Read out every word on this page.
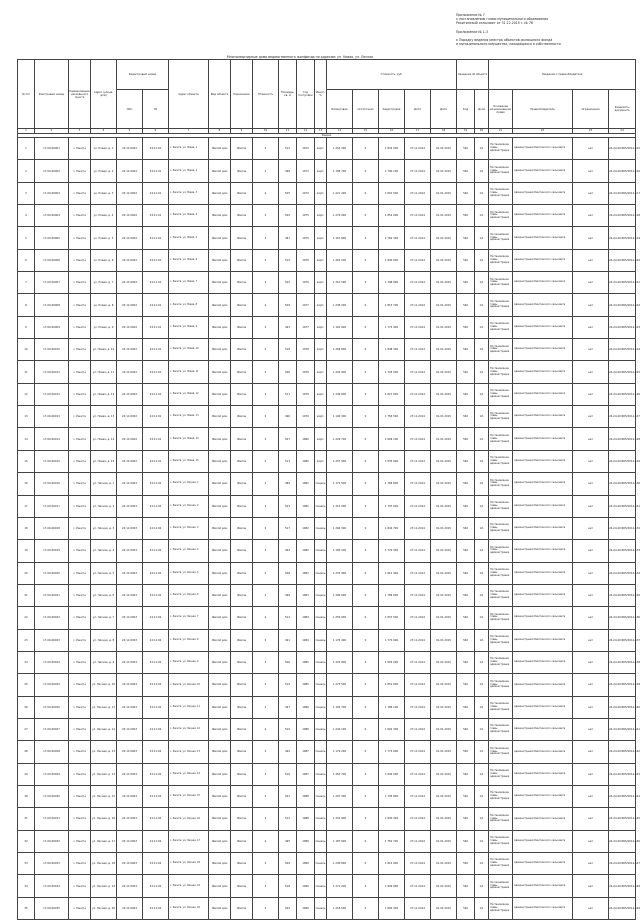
Приложение № 7
к постановлению главы муниципального образования
Ракитинский сельсовет от 31.12.2015 г. № 76

Приложение № 1-3

к Порядку ведения реестра объектов жилищного фонда
и муниципального имущества, находящихся в собственности
Многоквартирные дома ведомственного жилфонда по адресам: ул. Новая, ул. Лесная
№ п/п	Реестровый номер	Наименование населённого пункта	Адрес (улица, дом)	Кадастровый номер		Адрес объекта	Вид объекта	Назначение	Этажность	Площадь, кв. м	Год постройки	Износ, %	Стоимость, руб.					Сведения об объекте		Сведения о правообладателе			
				ОКС	ЗУ								Балансовая	Остаточная	Кадастровая	Дата	Дата	Код	Доля	Основание возникновения права	Правообладатель	Ограничения	Реквизиты документа
1	2	3	4	5	6	7	8	9	10	11	12	13	14	15	16	17	18	19	20	21	22	23	24
Раздел																							
1	17-00-00001	с. Ракита	ул. Новая, д. 1	24:11:0002	24:11:01	с. Ракита, ул. Новая, 1	Жилой дом	Жилое	2	512	1972	кирп.	1 254 300	0	1 832 200	27.11.2014	01.01.2015	540	1/1	Постановление главы администрации	Администрация Ракитинского сельсовета	нет	24-24-20/005/2014-115
2	17-00-00002	с. Ракита	ул. Новая, д. 2	24:11:0002	24:11:01	с. Ракита, ул. Новая, 2	Жилой дом	Жилое	2	498	1973	кирп.	1 198 700	0	1 790 100	27.11.2014	01.01.2015	540	1/1	Постановление главы администрации	Администрация Ракитинского сельсовета	нет	24-24-20/005/2014-116
3	17-00-00003	с. Ракита	ул. Новая, д. 3	24:11:0002	24:11:01	с. Ракита, ул. Новая, 3	Жилой дом	Жилое	2	505	1974	кирп.	1 221 400	0	1 801 500	27.11.2014	01.01.2015	540	1/1	Постановление главы администрации	Администрация Ракитинского сельсовета	нет	24-24-20/005/2014-117
4	17-00-00004	с. Ракита	ул. Новая, д. 4	24:11:0002	24:11:01	с. Ракита, ул. Новая, 4	Жилой дом	Жилое	2	520	1975	кирп.	1 276 900	0	1 854 000	27.11.2014	01.01.2015	540	1/1	Постановление главы администрации	Администрация Ракитинского сельсовета	нет	24-24-20/005/2014-118
5	17-00-00005	с. Ракита	ул. Новая, д. 5	24:11:0002	24:11:01	с. Ракита, ул. Новая, 5	Жилой дом	Жилое	2	487	1975	кирп.	1 167 800	0	1 762 300	27.11.2014	01.01.2015	540	1/1	Постановление главы администрации	Администрация Ракитинского сельсовета	нет	24-24-20/005/2014-119
6	17-00-00006	с. Ракита	ул. Новая, д. 6	24:11:0002	24:11:01	с. Ракита, ул. Новая, 6	Жилой дом	Жилое	2	515	1976	кирп.	1 262 100	0	1 840 600	27.11.2014	01.01.2015	540	1/1	Постановление главы администрации	Администрация Ракитинского сельсовета	нет	24-24-20/005/2014-120
7	17-00-00007	с. Ракита	ул. Новая, д. 7	24:11:0002	24:11:01	с. Ракита, ул. Новая, 7	Жилой дом	Жилое	2	502	1976	кирп.	1 210 500	0	1 798 900	27.11.2014	01.01.2015	540	1/1	Постановление главы администрации	Администрация Ракитинского сельсовета	нет	24-24-20/005/2014-121
8	17-00-00008	с. Ракита	ул. Новая, д. 8	24:11:0002	24:11:01	с. Ракита, ул. Новая, 8	Жилой дом	Жилое	2	509	1977	кирп.	1 238 200	0	1 815 700	27.11.2014	01.01.2015	540	1/1	Постановление главы администрации	Администрация Ракитинского сельсовета	нет	24-24-20/005/2014-122
9	17-00-00009	с. Ракита	ул. Новая, д. 9	24:11:0002	24:11:01	с. Ракита, ул. Новая, 9	Жилой дом	Жилое	2	493	1977	кирп.	1 181 600	0	1 775 400	27.11.2014	01.01.2015	540	1/1	Постановление главы администрации	Администрация Ракитинского сельсовета	нет	24-24-20/005/2014-123
10	17-00-00010	с. Ракита	ул. Новая, д. 10	24:11:0002	24:11:01	с. Ракита, ул. Новая, 10	Жилой дом	Жилое	2	518	1978	кирп.	1 269 800	0	1 848 300	27.11.2014	01.01.2015	540	1/1	Постановление главы администрации	Администрация Ракитинского сельсовета	нет	24-24-20/005/2014-124
11	17-00-00011	с. Ракита	ул. Новая, д. 11	24:11:0002	24:11:01	с. Ракита, ул. Новая, 11	Жилой дом	Жилое	2	500	1978	кирп.	1 204 900	0	1 793 200	27.11.2014	01.01.2015	540	1/1	Постановление главы администрации	Администрация Ракитинского сельсовета	нет	24-24-20/005/2014-125
12	17-00-00012	с. Ракита	ул. Новая, д. 12	24:11:0002	24:11:01	с. Ракита, ул. Новая, 12	Жилой дом	Жилое	2	511	1979	кирп.	1 249 600	0	1 827 800	27.11.2014	01.01.2015	540	1/1	Постановление главы администрации	Администрация Ракитинского сельсовета	нет	24-24-20/005/2014-126
13	17-00-00013	с. Ракита	ул. Новая, д. 13	24:11:0002	24:11:01	с. Ракита, ул. Новая, 13	Жилой дом	Жилое	2	496	1979	кирп.	1 190 300	0	1 784 500	27.11.2014	01.01.2015	540	1/1	Постановление главы администрации	Администрация Ракитинского сельсовета	нет	24-24-20/005/2014-127
14	17-00-00014	с. Ракита	ул. Новая, д. 14	24:11:0002	24:11:01	с. Ракита, ул. Новая, 14	Жилой дом	Жилое	2	507	1980	кирп.	1 229 700	0	1 809 100	27.11.2014	01.01.2015	540	1/1	Постановление главы администрации	Администрация Ракитинского сельсовета	нет	24-24-20/005/2014-128
15	17-00-00015	с. Ракита	ул. Новая, д. 15	24:11:0002	24:11:01	с. Ракита, ул. Новая, 15	Жилой дом	Жилое	2	513	1980	кирп.	1 257 400	0	1 835 900	27.11.2014	01.01.2015	540	1/1	Постановление главы администрации	Администрация Ракитинского сельсовета	нет	24-24-20/005/2014-129
16	17-00-00016	с. Ракита	ул. Лесная, д. 1	24:11:0003	24:11:02	с. Ракита, ул. Лесная, 1	Жилой дом	Жилое	2	489	1981	панель	1 172 500	0	1 766 800	27.11.2014	01.01.2015	540	1/1	Постановление главы администрации	Администрация Ракитинского сельсовета	нет	24-24-20/005/2014-130
17	17-00-00017	с. Ракита	ул. Лесная, д. 2	24:11:0003	24:11:02	с. Ракита, ул. Лесная, 2	Жилой дом	Жилое	2	503	1981	панель	1 215 200	0	1 797 600	27.11.2014	01.01.2015	540	1/1	Постановление главы администрации	Администрация Ракитинского сельсовета	нет	24-24-20/005/2014-131
18	17-00-00018	с. Ракита	ул. Лесная, д. 3	24:11:0003	24:11:02	с. Ракита, ул. Лесная, 3	Жилой дом	Жилое	2	517	1982	панель	1 266 300	0	1 844 700	27.11.2014	01.01.2015	540	1/1	Постановление главы администрации	Администрация Ракитинского сельсовета	нет	24-24-20/005/2014-132
19	17-00-00019	с. Ракита	ул. Лесная, д. 4	24:11:0003	24:11:02	с. Ракита, ул. Лесная, 4	Жилой дом	Жилое	2	494	1982	панель	1 185 100	0	1 779 300	27.11.2014	01.01.2015	540	1/1	Постановление главы администрации	Администрация Ракитинского сельсовета	нет	24-24-20/005/2014-133
20	17-00-00020	с. Ракита	ул. Лесная, д. 5	24:11:0003	24:11:02	с. Ракита, ул. Лесная, 5	Жилой дом	Жилое	2	508	1983	панель	1 233 900	0	1 812 400	27.11.2014	01.01.2015	540	1/1	Постановление главы администрации	Администрация Ракитинского сельсовета	нет	24-24-20/005/2014-134
21	17-00-00021	с. Ракита	ул. Лесная, д. 6	24:11:0003	24:11:02	с. Ракита, ул. Лесная, 6	Жилой дом	Жилое	2	499	1983	панель	1 200 600	0	1 789 000	27.11.2014	01.01.2015	540	1/1	Постановление главы администрации	Администрация Ракитинского сельсовета	нет	24-24-20/005/2014-135
22	17-00-00022	с. Ракита	ул. Лесная, д. 7	24:11:0003	24:11:02	с. Ракита, ул. Лесная, 7	Жилой дом	Жилое	2	514	1984	панель	1 259 000	0	1 837 500	27.11.2014	01.01.2015	540	1/1	Постановление главы администрации	Администрация Ракитинского сельсовета	нет	24-24-20/005/2014-136
23	17-00-00023	с. Ракита	ул. Лесная, д. 8	24:11:0003	24:11:02	с. Ракита, ул. Лесная, 8	Жилой дом	Жилое	2	491	1984	панель	1 176 400	0	1 770 900	27.11.2014	01.01.2015	540	1/1	Постановление главы администрации	Администрация Ракитинского сельсовета	нет	24-24-20/005/2014-137
24	17-00-00024	с. Ракита	ул. Лесная, д. 9	24:11:0003	24:11:02	с. Ракита, ул. Лесная, 9	Жилой дом	Жилое	2	506	1985	панель	1 225 800	0	1 805 200	27.11.2014	01.01.2015	540	1/1	Постановление главы администрации	Администрация Ракитинского сельсовета	нет	24-24-20/005/2014-138
25	17-00-00025	с. Ракита	ул. Лесная, д. 10	24:11:0003	24:11:02	с. Ракита, ул. Лесная, 10	Жилой дом	Жилое	2	519	1985	панель	1 273 500	0	1 851 600	27.11.2014	01.01.2015	540	1/1	Постановление главы администрации	Администрация Ракитинского сельсовета	нет	24-24-20/005/2014-139
26	17-00-00026	с. Ракита	ул. Лесная, д. 11	24:11:0003	24:11:02	с. Ракита, ул. Лесная, 11	Жилой дом	Жилое	2	497	1986	панель	1 194 700	0	1 786 100	27.11.2014	01.01.2015	540	1/1	Постановление главы администрации	Администрация Ракитинского сельсовета	нет	24-24-20/005/2014-140
27	17-00-00027	с. Ракита	ул. Лесная, д. 12	24:11:0003	24:11:02	с. Ракита, ул. Лесная, 12	Жилой дом	Жилое	2	510	1986	панель	1 244 100	0	1 822 300	27.11.2014	01.01.2015	540	1/1	Постановление главы администрации	Администрация Ракитинского сельсовета	нет	24-24-20/005/2014-141
28	17-00-00028	с. Ракита	ул. Лесная, д. 13	24:11:0003	24:11:02	с. Ракита, ул. Лесная, 13	Жилой дом	Жилое	2	492	1987	панель	1 179 200	0	1 773 600	27.11.2014	01.01.2015	540	1/1	Постановление главы администрации	Администрация Ракитинского сельсовета	нет	24-24-20/005/2014-142
29	17-00-00029	с. Ракита	ул. Лесная, д. 14	24:11:0003	24:11:02	с. Ракита, ул. Лесная, 14	Жилой дом	Жилое	2	516	1987	панель	1 263 700	0	1 842 000	27.11.2014	01.01.2015	540	1/1	Постановление главы администрации	Администрация Ракитинского сельсовета	нет	24-24-20/005/2014-143
30	17-00-00030	с. Ракита	ул. Лесная, д. 15	24:11:0003	24:11:02	с. Ракита, ул. Лесная, 15	Жилой дом	Жилое	2	501	1988	панель	1 207 300	0	1 795 800	27.11.2014	01.01.2015	540	1/1	Постановление главы администрации	Администрация Ракитинского сельсовета	нет	24-24-20/005/2014-144
31	17-00-00031	с. Ракита	ул. Лесная, д. 16	24:11:0003	24:11:02	с. Ракита, ул. Лесная, 16	Жилой дом	Жилое	2	512	1988	панель	1 252 900	0	1 830 400	27.11.2014	01.01.2015	540	1/1	Постановление главы администрации	Администрация Ракитинского сельсовета	нет	24-24-20/005/2014-145
32	17-00-00032	с. Ракита	ул. Лесная, д. 17	24:11:0003	24:11:02	с. Ракита, ул. Лесная, 17	Жилой дом	Жилое	2	495	1989	панель	1 187 600	0	1 781 700	27.11.2014	01.01.2015	540	1/1	Постановление главы администрации	Администрация Ракитинского сельсовета	нет	24-24-20/005/2014-146
33	17-00-00033	с. Ракита	ул. Лесная, д. 18	24:11:0003	24:11:02	с. Ракита, ул. Лесная, 18	Жилой дом	Жилое	2	509	1989	панель	1 236 800	0	1 814 900	27.11.2014	01.01.2015	540	1/1	Постановление главы администрации	Администрация Ракитинского сельсовета	нет	24-24-20/005/2014-147
34	17-00-00034	с. Ракита	ул. Лесная, д. 19	24:11:0003	24:11:02	с. Ракита, ул. Лесная, 19	Жилой дом	Жилое	2	518	1990	панель	1 271 200	0	1 849 900	27.11.2014	01.01.2015	540	1/1	Постановление главы администрации	Администрация Ракитинского сельсовета	нет	24-24-20/005/2014-148
35	17-00-00035	с. Ракита	ул. Лесная, д. 20	24:11:0003	24:11:02	с. Ракита, ул. Лесная, 20	Жилой дом	Жилое	2	504	1990	панель	1 218 500	0	1 800 300	27.11.2014	01.01.2015	540	1/1	Постановление главы администрации	Администрация Ракитинского сельсовета	нет	24-24-20/005/2014-149
